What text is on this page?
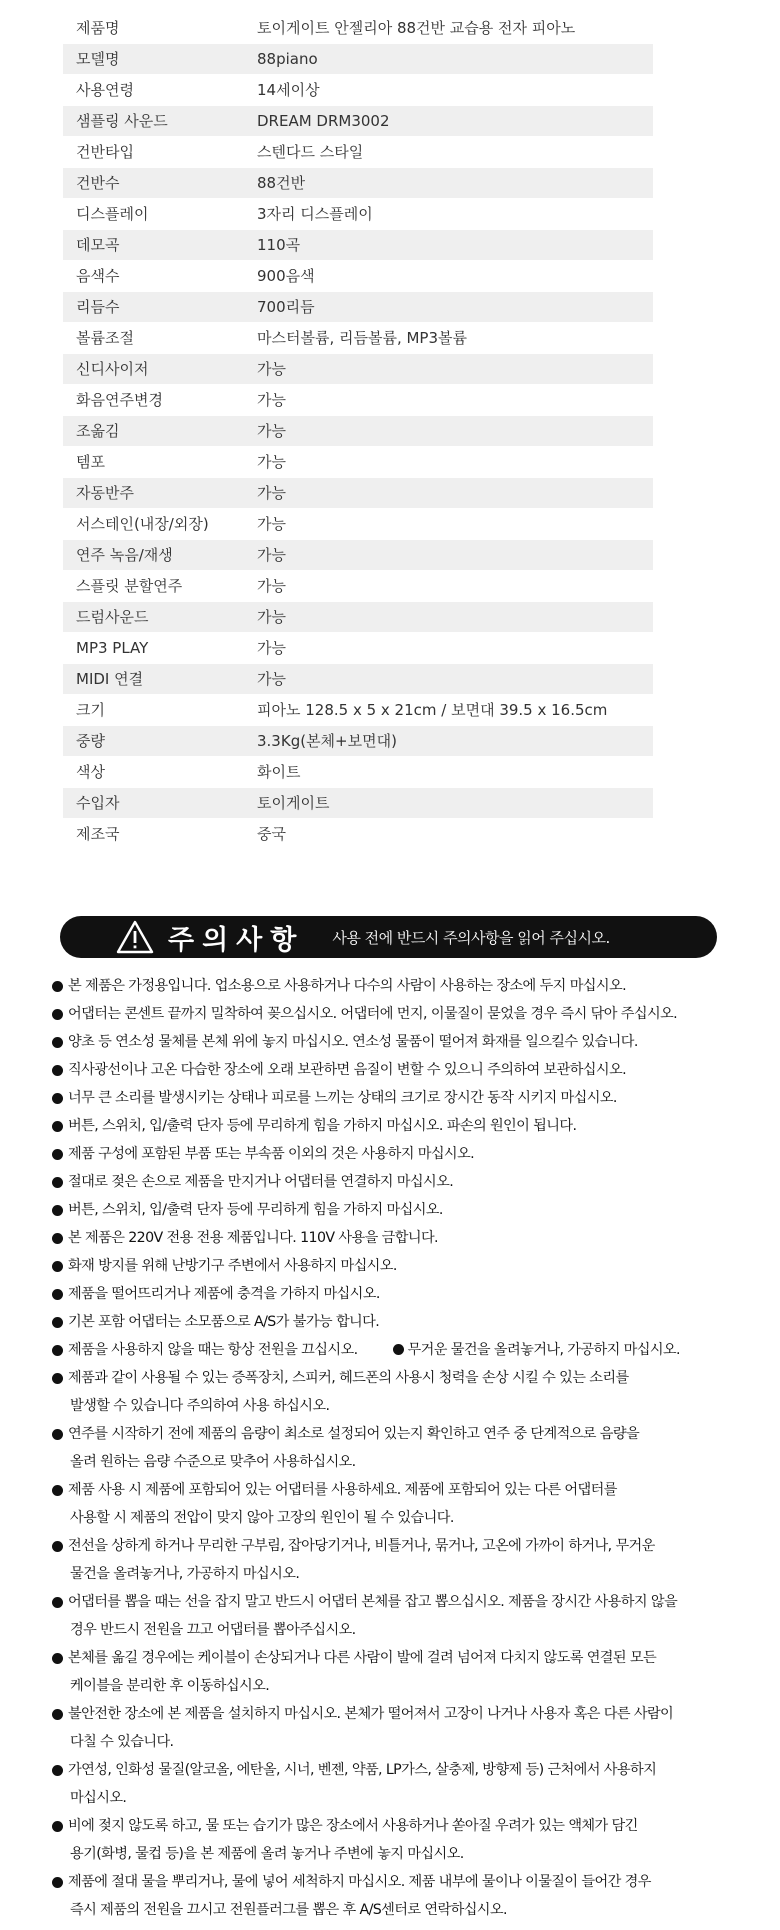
제품명	토이게이트 안젤리아 88건반 교습용 전자 피아노
모델명	88piano
사용연령	14세이상
샘플링 사운드	DREAM DRM3002
건반타입	스텐다드 스타일
건반수	88건반
디스플레이	3자리 디스플레이
데모곡	110곡
음색수	900음색
리듬수	700리듬
볼륨조절	마스터볼륨, 리듬볼륨, MP3볼륨
신디사이저	가능
화음연주변경	가능
조옮김	가능
템포	가능
자동반주	가능
서스테인(내장/외장)	가능
연주 녹음/재생	가능
스플릿 분할연주	가능
드럼사운드	가능
MP3 PLAY	가능
MIDI 연결	가능
크기	피아노 128.5 x 5 x 21cm / 보면대 39.5 x 16.5cm
중량	3.3Kg(본체+보면대)
색상	화이트
수입자	토이게이트
제조국	중국
주의사항 사용 전에 반드시 주의사항을 읽어 주십시오.
본 제품은 가정용입니다. 업소용으로 사용하거나 다수의 사람이 사용하는 장소에 두지 마십시오.
어댑터는 콘센트 끝까지 밀착하여 꽂으십시오. 어댑터에 먼지, 이물질이 묻었을 경우 즉시 닦아 주십시오.
양초 등 연소성 물체를 본체 위에 놓지 마십시오. 연소성 물품이 떨어져 화재를 일으킬수 있습니다.
직사광선이나 고온 다습한 장소에 오래 보관하면 음질이 변할 수 있으니 주의하여 보관하십시오.
너무 큰 소리를 발생시키는 상태나 피로를 느끼는 상태의 크기로 장시간 동작 시키지 마십시오.
버튼, 스위치, 입/출력 단자 등에 무리하게 힘을 가하지 마십시오. 파손의 원인이 됩니다.
제품 구성에 포함된 부품 또는 부속품 이외의 것은 사용하지 마십시오.
절대로 젖은 손으로 제품을 만지거나 어댑터를 연결하지 마십시오.
버튼, 스위치, 입/출력 단자 등에 무리하게 힘을 가하지 마십시오.
본 제품은 220V 전용 전용 제품입니다. 110V 사용을 금합니다.
화재 방지를 위해 난방기구 주변에서 사용하지 마십시오.
제품을 떨어뜨리거나 제품에 충격을 가하지 마십시오.
기본 포함 어댑터는 소모품으로 A/S가 불가능 합니다.
제품을 사용하지 않을 때는 항상 전원을 끄십시오.	무거운 물건을 올려놓거나, 가공하지 마십시오.
제품과 같이 사용될 수 있는 증폭장치, 스피커, 헤드폰의 사용시 청력을 손상 시킬 수 있는 소리를
발생할 수 있습니다 주의하여 사용 하십시오.
연주를 시작하기 전에 제품의 음량이 최소로 설정되어 있는지 확인하고 연주 중 단계적으로 음량을
올려 원하는 음량 수준으로 맞추어 사용하십시오.
제품 사용 시 제품에 포함되어 있는 어댑터를 사용하세요. 제품에 포함되어 있는 다른 어댑터를
사용할 시 제품의 전압이 맞지 않아 고장의 원인이 될 수 있습니다.
전선을 상하게 하거나 무리한 구부림, 잡아당기거나, 비틀거나, 묶거나, 고온에 가까이 하거나, 무거운
물건을 올려놓거나, 가공하지 마십시오.
어댑터를 뽑을 때는 선을 잡지 말고 반드시 어댑터 본체를 잡고 뽑으십시오. 제품을 장시간 사용하지 않을
경우 반드시 전원을 끄고 어댑터를 뽑아주십시오.
본체를 옮길 경우에는 케이블이 손상되거나 다른 사람이 발에 걸려 넘어져 다치지 않도록 연결된 모든
케이블을 분리한 후 이동하십시오.
불안전한 장소에 본 제품을 설치하지 마십시오. 본체가 떨어져서 고장이 나거나 사용자 혹은 다른 사람이
다칠 수 있습니다.
가연성, 인화성 물질(알코올, 에탄올, 시너, 벤젠, 약품, LP가스, 살충제, 방향제 등) 근처에서 사용하지
마십시오.
비에 젖지 않도록 하고, 물 또는 습기가 많은 장소에서 사용하거나 쏟아질 우려가 있는 액체가 담긴
용기(화병, 물컵 등)을 본 제품에 올려 놓거나 주변에 놓지 마십시오.
제품에 절대 물을 뿌리거나, 물에 넣어 세척하지 마십시오. 제품 내부에 물이나 이물질이 들어간 경우
즉시 제품의 전원을 끄시고 전원플러그를 뽑은 후 A/S센터로 연락하십시오.
